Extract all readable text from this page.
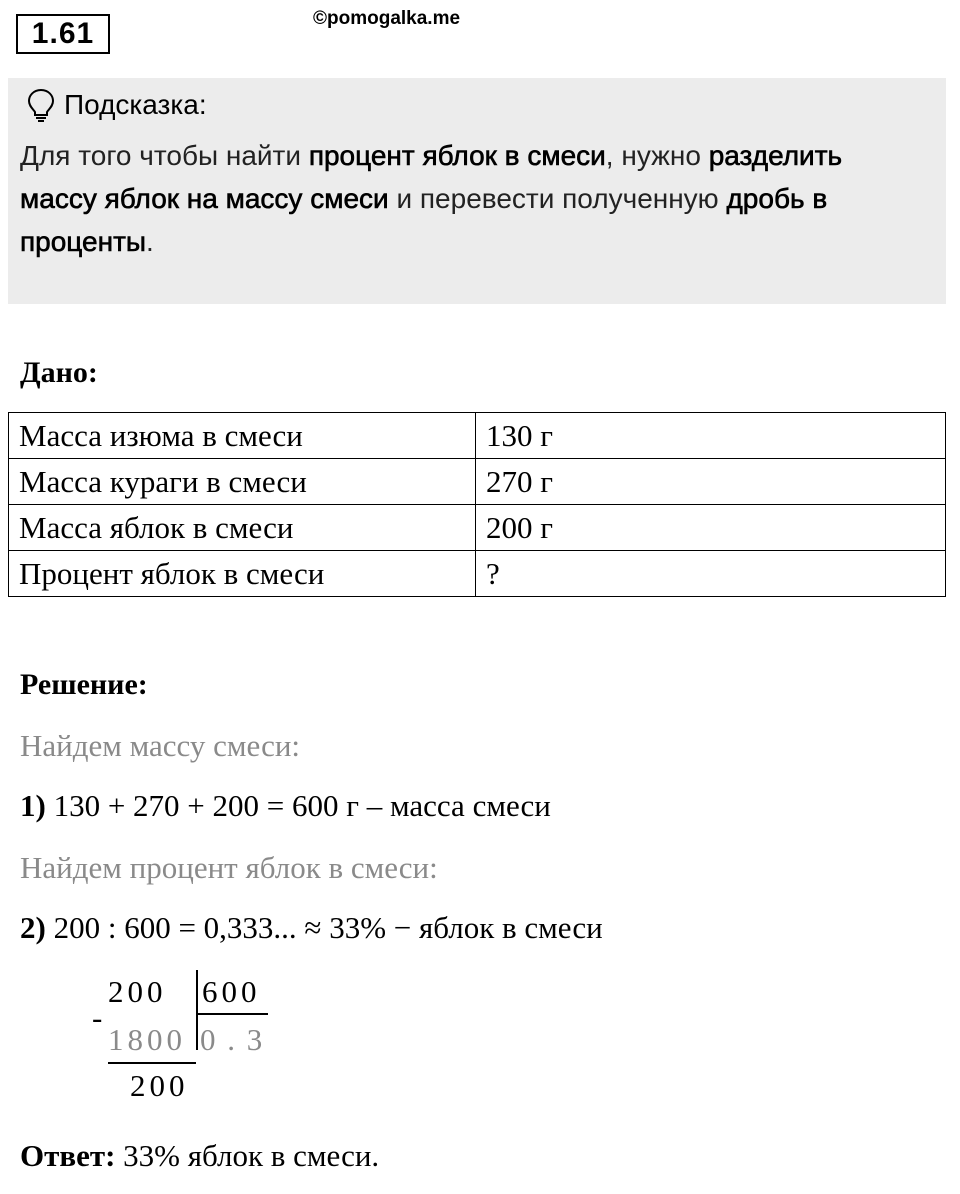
1.61	©pomogalka.me
Подсказка:
Для того чтобы найти процент яблок в смеси, нужно разделить массу яблок на массу смеси и перевести полученную дробь в проценты.
Дано:
Масса изюма в смеси	130 г
Масса кураги в смеси	270 г
Масса яблок в смеси	200 г
Процент яблок в смеси	?
Решение:
Найдем массу смеси:
1) 130 + 270 + 200 = 600 г – масса смеси
Найдем процент яблок в смеси:
2) 200 : 600 = 0,333... ≈ 33% − яблок в смеси
200 600
-
1800 0 . 3
200
Ответ: 33% яблок в смеси.
